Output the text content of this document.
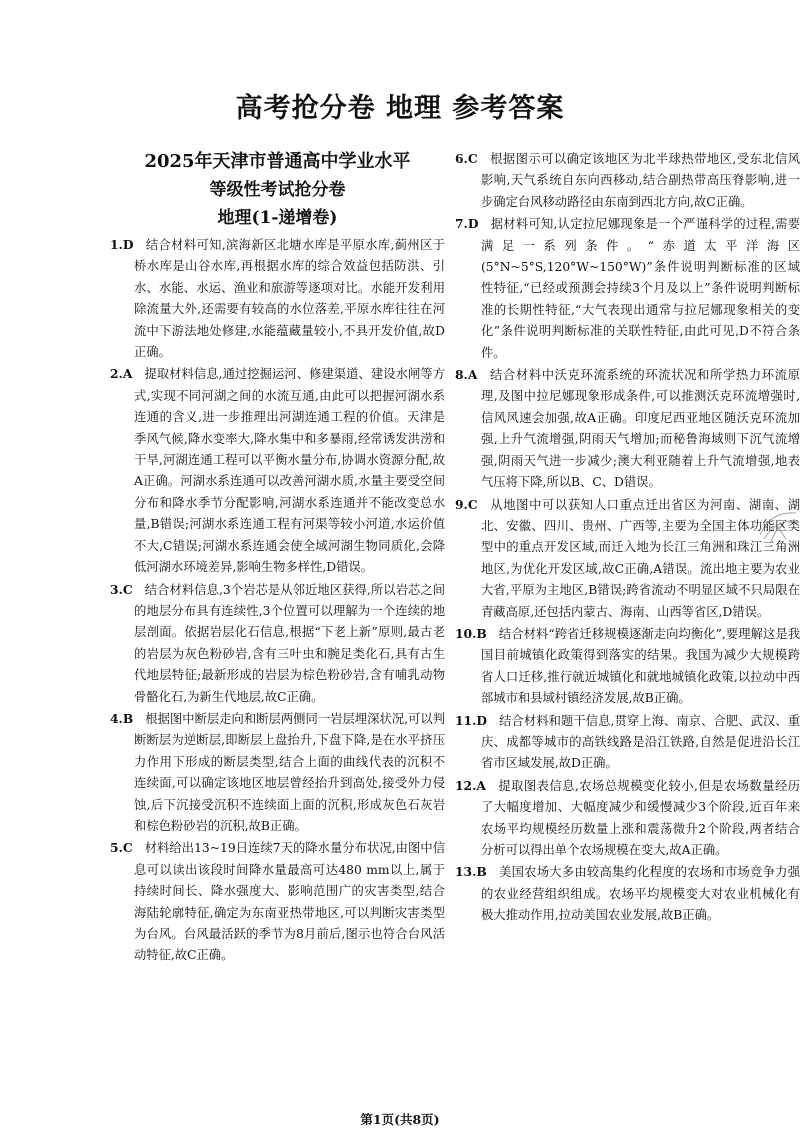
高考抢分卷 地理 参考答案
2025年天津市普通高中学业水平
等级性考试抢分卷
地理(1-递增卷)

1.D 结合材料可知,滨海新区北塘水库是平原水库,蓟州区于桥水库是山谷水库,再根据水库的综合效益包括防洪、引水、水能、水运、渔业和旅游等逐项对比。水能开发利用除流量大外,还需要有较高的水位落差,平原水库往往在河流中下游法地处修建,水能蕴藏量较小,不具开发价值,故D正确。

2.A 提取材料信息,通过挖掘运河、修建渠道、建设水闸等方式,实现不同河湖之间的水流互通,由此可以把握河湖水系连通的含义,进一步推理出河湖连通工程的价值。天津是季风气候,降水变率大,降水集中和多暴雨,经常诱发洪涝和干旱,河湖连通工程可以平衡水量分布,协调水资源分配,故A正确。河湖水系连通可以改善河湖水质,水量主要受空间分布和降水季节分配影响,河湖水系连通并不能改变总水量,B错误;河湖水系连通工程有河渠等较小河道,水运价值不大,C错误;河湖水系连通会使全域河湖生物同质化,会降低河湖水环境差异,影响生物多样性,D错误。

3.C 结合材料信息,3个岩芯是从邻近地区获得,所以岩芯之间的地层分布具有连续性,3个位置可以理解为一个连续的地层剖面。依据岩层化石信息,根据“下老上新”原则,最古老的岩层为灰色粉砂岩,含有三叶虫和腕足类化石,具有古生代地层特征;最新形成的岩层为棕色粉砂岩,含有哺乳动物骨骼化石,为新生代地层,故C正确。

4.B 根据图中断层走向和断层两侧同一岩层埋深状况,可以判断断层为逆断层,即断层上盘抬升,下盘下降,是在水平挤压力作用下形成的断层类型,结合上面的曲线代表的沉积不连续面,可以确定该地区地层曾经抬升到高处,接受外力侵蚀,后下沉接受沉积不连续面上面的沉积,形成灰色石灰岩和棕色粉砂岩的沉积,故B正确。

5.C 材料给出13~19日连续7天的降水量分布状况,由图中信息可以读出该段时间降水量最高可达480 mm以上,属于持续时间长、降水强度大、影响范围广的灾害类型,结合海陆轮廓特征,确定为东南亚热带地区,可以判断灾害类型为台风。台风最活跃的季节为8月前后,图示也符合台风活动特征,故C正确。

6.C 根据图示可以确定该地区为北半球热带地区,受东北信风影响,天气系统自东向西移动,结合副热带高压脊影响,进一步确定台风移动路径由东南到西北方向,故C正确。

7.D 据材料可知,认定拉尼娜现象是一个严谨科学的过程,需要满足一系列条件。“赤道太平洋海区(5°N~5°S,120°W~150°W)”条件说明判断标准的区域性特征,“已经或预测会持续3个月及以上”条件说明判断标准的长期性特征,“大气表现出通常与拉尼娜现象相关的变化”条件说明判断标准的关联性特征,由此可见,D不符合条件。

8.A 结合材料中沃克环流系统的环流状况和所学热力环流原理,及图中拉尼娜现象形成条件,可以推测沃克环流增强时,信风风速会加强,故A正确。印度尼西亚地区随沃克环流加强,上升气流增强,阴雨天气增加;而秘鲁海域则下沉气流增强,阴雨天气进一步减少;澳大利亚随着上升气流增强,地表气压将下降,所以B、C、D错误。

9.C 从地图中可以获知人口重点迁出省区为河南、湖南、湖北、安徽、四川、贵州、广西等,主要为全国主体功能区类型中的重点开发区域,而迁入地为长江三角洲和珠江三角洲地区,为优化开发区域,故C正确,A错误。流出地主要为农业大省,平原为主地区,B错误;跨省流动不明显区域不只局限在青藏高原,还包括内蒙古、海南、山西等省区,D错误。

10.B 结合材料“跨省迁移规模逐渐走向均衡化”,要理解这是我国目前城镇化政策得到落实的结果。我国为减少大规模跨省人口迁移,推行就近城镇化和就地城镇化政策,以拉动中西部城市和县域村镇经济发展,故B正确。

11.D 结合材料和题干信息,贯穿上海、南京、合肥、武汉、重庆、成都等城市的高铁线路是沿江铁路,自然是促进沿长江省市区域发展,故D正确。

12.A 提取图表信息,农场总规模变化较小,但是农场数量经历了大幅度增加、大幅度减少和缓慢减少3个阶段,近百年来农场平均规模经历数量上涨和震荡微升2个阶段,两者结合分析可以得出单个农场规模在变大,故A正确。

13.B 美国农场大多由较高集约化程度的农场和市场竞争力强的农业经营组织组成。农场平均规模变大对农业机械化有极大推动作用,拉动美国农业发展,故B正确。

第1页(共8页)
